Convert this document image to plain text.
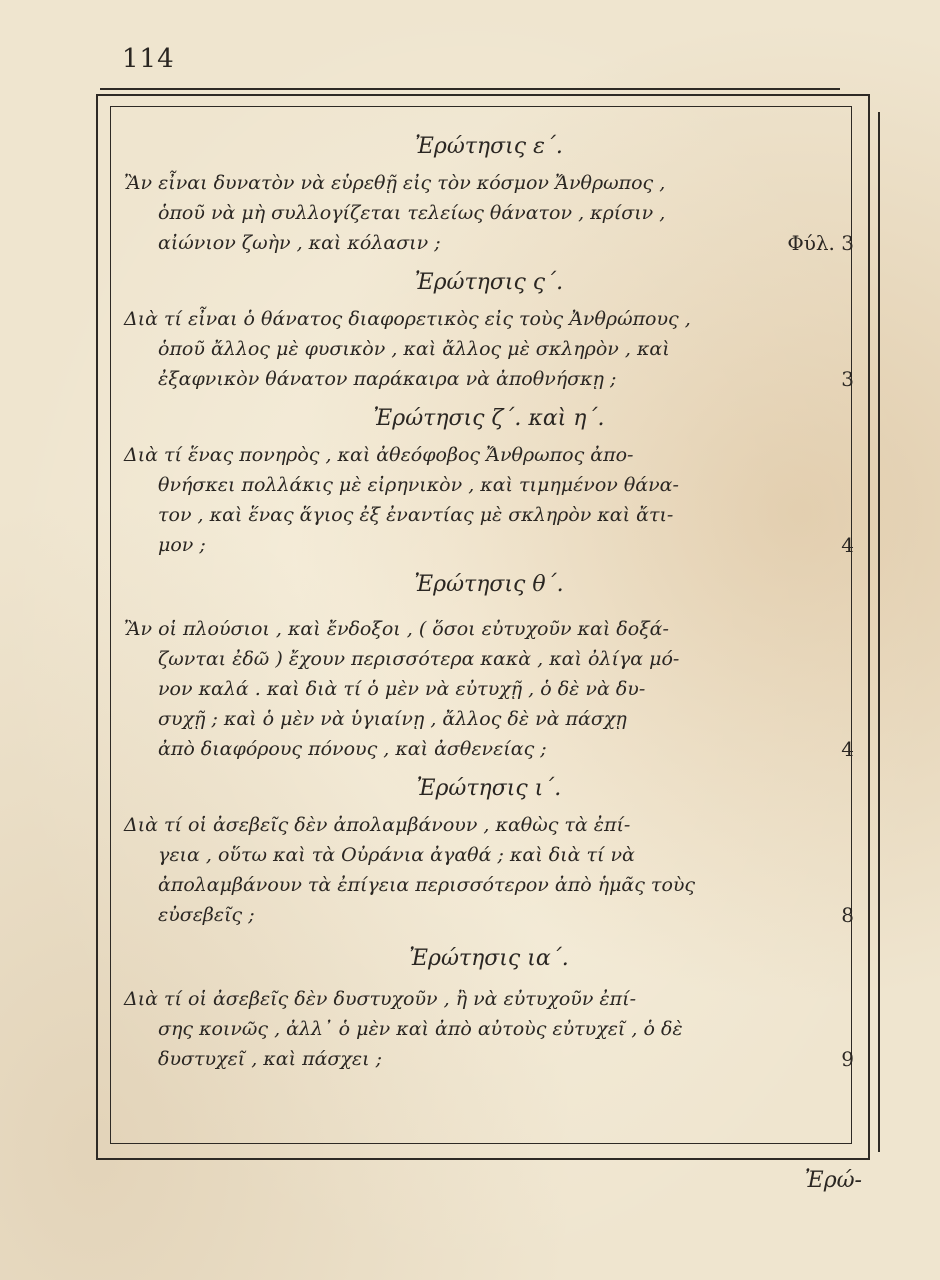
114
Ἐρώτησις ε΄.
Ἂν εἶναι δυνατὸν νὰ εὑρεθῇ εἰς τὸν κόσμον Ἄνθρωπος ,
ὁποῦ νὰ μὴ συλλογίζεται τελείως θάνατον , κρίσιν ,
αἰώνιον ζωὴν , καὶ κόλασιν ;	Φύλ. 3
Ἐρώτησις ς΄.
Διὰ τί εἶναι ὁ θάνατος διαφορετικὸς εἰς τοὺς Ἀνθρώπους ,
ὁποῦ ἄλλος μὲ φυσικὸν , καὶ ἄλλος μὲ σκληρὸν , καὶ
ἐξαφνικὸν θάνατον παράκαιρα νὰ ἀποθνήσκῃ ;	3
Ἐρώτησις ζ΄. καὶ η΄.
Διὰ τί ἕνας πονηρὸς , καὶ ἀθεόφοβος Ἄνθρωπος ἀπο-
θνήσκει πολλάκις μὲ εἰρηνικὸν , καὶ τιμημένον θάνα-
τον , καὶ ἕνας ἅγιος ἐξ ἐναντίας μὲ σκληρὸν καὶ ἄτι-
μον ;	4
Ἐρώτησις θ΄.
Ἂν οἱ πλούσιοι , καὶ ἔνδοξοι , ( ὅσοι εὐτυχοῦν καὶ δοξά-
ζωνται ἐδῶ ) ἔχουν περισσότερα κακὰ , καὶ ὀλίγα μό-
νον καλά . καὶ διὰ τί ὁ μὲν νὰ εὐτυχῇ , ὁ δὲ νὰ δυ-
συχῇ ; καὶ ὁ μὲν νὰ ὑγιαίνῃ , ἄλλος δὲ νὰ πάσχῃ
ἀπὸ διαφόρους πόνους , καὶ ἀσθενείας ;	4
Ἐρώτησις ι΄.
Διὰ τί οἱ ἀσεβεῖς δὲν ἀπολαμβάνουν , καθὼς τὰ ἐπί-
γεια , οὕτω καὶ τὰ Οὐράνια ἀγαθά ; καὶ διὰ τί νὰ
ἀπολαμβάνουν τὰ ἐπίγεια περισσότερον ἀπὸ ἡμᾶς τοὺς
εὐσεβεῖς ;	8
Ἐρώτησις ια΄.
Διὰ τί οἱ ἀσεβεῖς δὲν δυστυχοῦν , ἢ νὰ εὐτυχοῦν ἐπί-
σης κοινῶς , ἀλλ᾽ ὁ μὲν καὶ ἀπὸ αὐτοὺς εὐτυχεῖ , ὁ δὲ
δυστυχεῖ , καὶ πάσχει ;	9
Ἐρώ-
